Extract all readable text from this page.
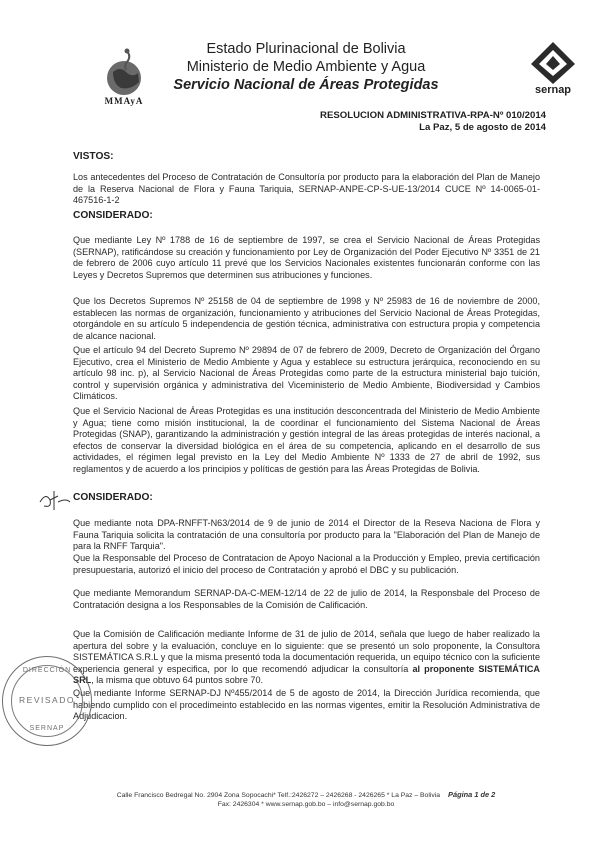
MMAyA
Estado Plurinacional de Bolivia
Ministerio de Medio Ambiente y Agua
Servicio Nacional de Áreas Protegidas	sernap
RESOLUCION ADMINISTRATIVA-RPA-Nº 010/2014
La Paz, 5 de agosto de 2014
VISTOS:
Los antecedentes del Proceso de Contratación de Consultoría por producto para la elaboración del Plan de Manejo de la Reserva Nacional de Flora y Fauna Tariquia, SERNAP-ANPE-CP-S-UE-13/2014 CUCE Nº 14-0065-01-467516-1-2
CONSIDERADO:
Que mediante Ley Nº 1788 de 16 de septiembre de 1997, se crea el Servicio Nacional de Áreas Protegidas (SERNAP), ratificándose su creación y funcionamiento por Ley de Organización del Poder Ejecutivo Nº 3351 de 21 de febrero de 2006 cuyo artículo 11 prevé que los Servicios Nacionales existentes funcionarán conforme con las Leyes y Decretos Supremos que determinen sus atribuciones y funciones.
Que los Decretos Supremos Nº 25158 de 04 de septiembre de 1998 y Nº 25983 de 16 de noviembre de 2000, establecen las normas de organización, funcionamiento y atribuciones del Servicio Nacional de Áreas Protegidas, otorgándole en su artículo 5 independencia de gestión técnica, administrativa con estructura propia y competencia de alcance nacional.
Que el artículo 94 del Decreto Supremo Nº 29894 de 07 de febrero de 2009, Decreto de Organización del Órgano Ejecutivo, crea el Ministerio de Medio Ambiente y Agua y establece su estructura jerárquica, reconociendo en su artículo 98 inc. p), al Servicio Nacional de Áreas Protegidas como parte de la estructura ministerial bajo tuición, control y supervisión orgánica y administrativa del Viceministerio de Medio Ambiente, Biodiversidad y Cambios Climáticos.
Que el Servicio Nacional de Áreas Protegidas es una institución desconcentrada del Ministerio de Medio Ambiente y Agua; tiene como misión institucional, la de coordinar el funcionamiento del Sistema Nacional de Áreas Protegidas (SNAP), garantizando la administración y gestión integral de las áreas protegidas de interés nacional, a efectos de conservar la diversidad biológica en el área de su competencia, aplicando en el desarrollo de sus actividades, el régimen legal previsto en la Ley del Medio Ambiente Nº 1333 de 27 de abril de 1992, sus reglamentos y de acuerdo a los principios y políticas de gestión para las Áreas Protegidas de Bolivia.
CONSIDERADO:
Que mediante nota DPA-RNFFT-N63/2014 de 9 de junio de 2014 el Director de la Reseva Naciona de Flora y Fauna Tariquia solicita la contratación de una consultoría por producto para la "Elaboración del Plan de Manejo de para la RNFF Tarquia".
Que la Responsable del Proceso de Contratacion de Apoyo Nacional a la Producción y Empleo, previa certificación presupuestaria, autorizó el inicio del proceso de Contratación y aprobó el DBC y su publicación.
Que mediante Memorandum SERNAP-DA-C-MEM-12/14 de 22 de julio de 2014, la Responsbale del Proceso de Contratación designa a los Responsables de la Comisión de Calificación.
Que la Comisión de Calificación mediante Informe de 31 de julio de 2014, señala que luego de haber realizado la apertura del sobre y la evaluación, concluye en lo siguiente: que se presentó un solo proponente, la Consultora SISTEMÁTICA S.R.L y que la misma presentó toda la documentación requerida, un equipo técnico con la suficiente experiencia general y especifica, por lo que recomendó adjudicar la consultoría al proponente SISTEMÁTICA SRL, la misma que obtuvo 64 puntos sobre 70.
Que mediante Informe SERNAP-DJ Nº455/2014 de 5 de agosto de 2014, la Dirección Jurídica recomienda, que habiendo cumplido con el procedimeinto establecido en las normas vigentes, emitir la Resolución Administrativa de Adjudicacion.
DIRECCIÓN
REVISADO
SERNAP
Calle Francisco Bedregal No. 2904 Zona Sopocachi* Telf.:2426272 – 2426268 - 2426265 * La Paz – Bolivia Página 1 de 2
Fax: 2426304 * www.sernap.gob.bo – info@sernap.gob.bo
